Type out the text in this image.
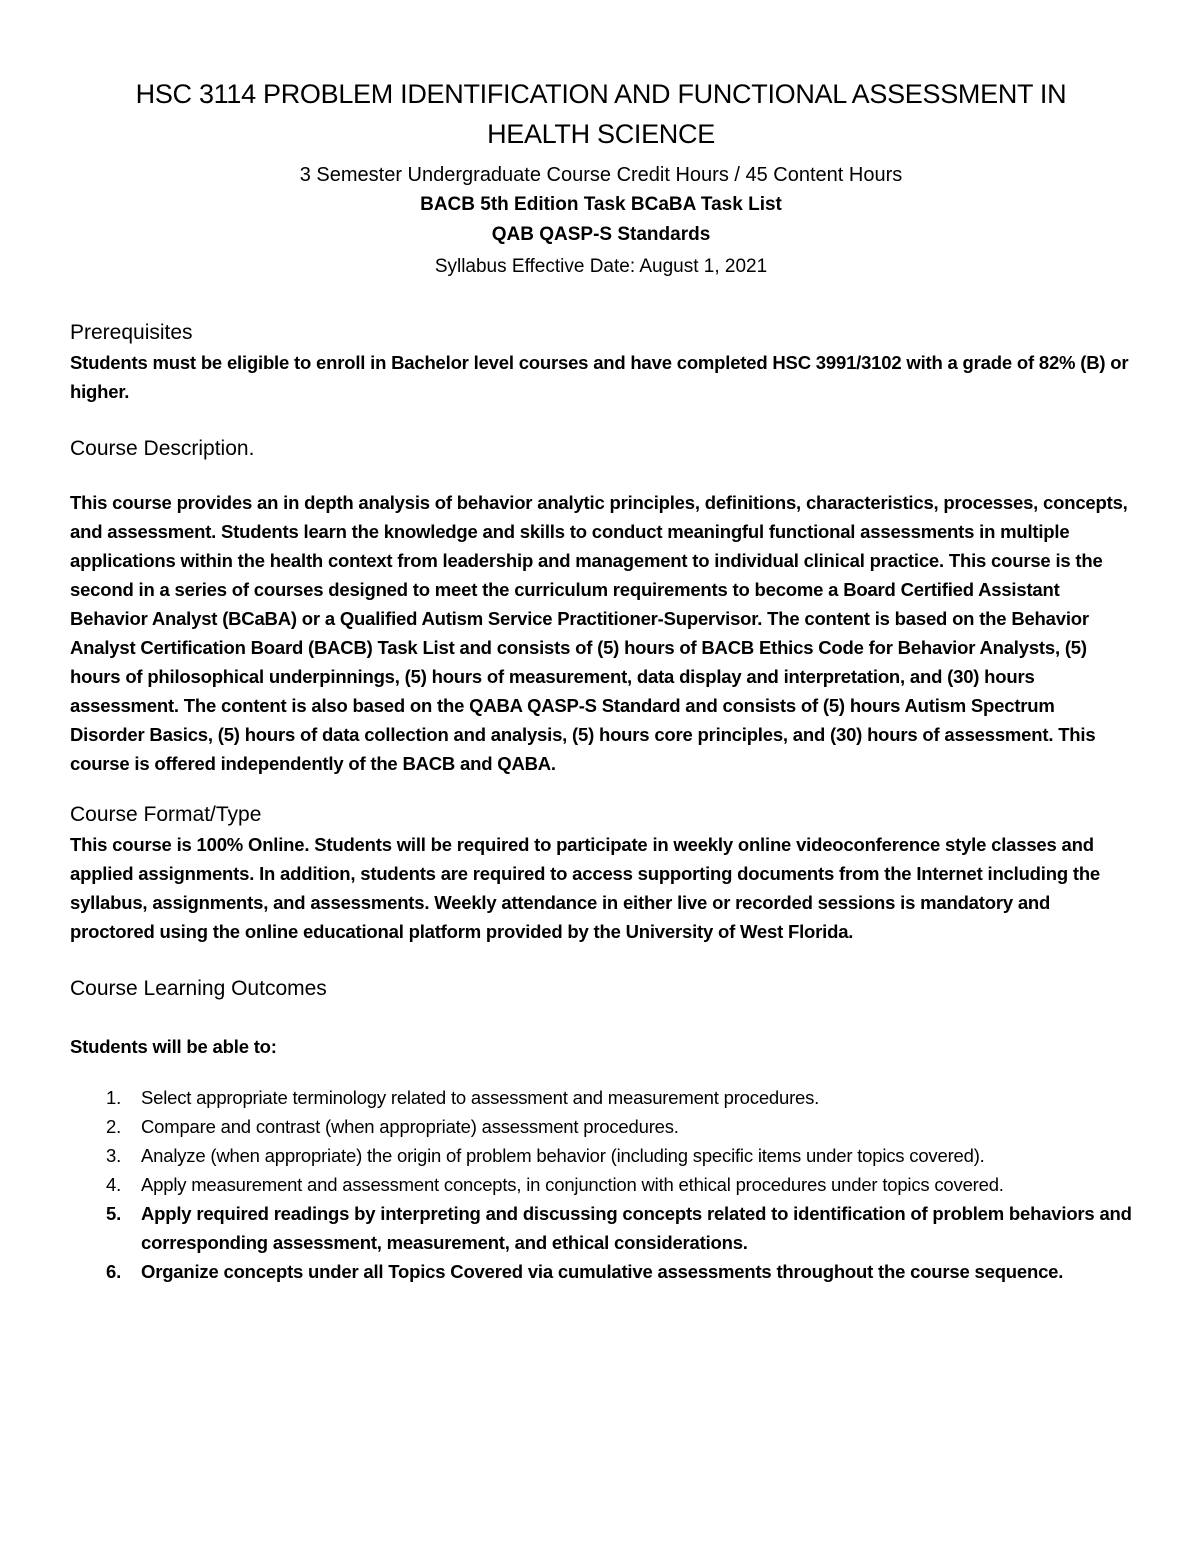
HSC 3114 PROBLEM IDENTIFICATION AND FUNCTIONAL ASSESSMENT IN
HEALTH SCIENCE

3 Semester Undergraduate Course Credit Hours / 45 Content Hours

BACB 5th Edition Task BCaBA Task List

QAB QASP-S Standards

Syllabus Effective Date: August 1, 2021

Prerequisites

Students must be eligible to enroll in Bachelor level courses and have completed HSC 3991/3102 with a grade of 82% (B) or higher.

Course Description.

This course provides an in depth analysis of behavior analytic principles, definitions, characteristics, processes, concepts, and assessment. Students learn the knowledge and skills to conduct meaningful functional assessments in multiple applications within the health context from leadership and management to individual clinical practice. This course is the second in a series of courses designed to meet the curriculum requirements to become a Board Certified Assistant Behavior Analyst (BCaBA) or a Qualified Autism Service Practitioner-Supervisor. The content is based on the Behavior Analyst Certification Board (BACB) Task List and consists of (5) hours of BACB Ethics Code for Behavior Analysts, (5) hours of philosophical underpinnings, (5) hours of measurement, data display and interpretation, and (30) hours assessment. The content is also based on the QABA QASP-S Standard and consists of (5) hours Autism Spectrum Disorder Basics, (5) hours of data collection and analysis, (5) hours core principles, and (30) hours of assessment. This course is offered independently of the BACB and QABA.

Course Format/Type

This course is 100% Online. Students will be required to participate in weekly online videoconference style classes and applied assignments. In addition, students are required to access supporting documents from the Internet including the syllabus, assignments, and assessments. Weekly attendance in either live or recorded sessions is mandatory and proctored using the online educational platform provided by the University of West Florida.

Course Learning Outcomes

Students will be able to:

1. Select appropriate terminology related to assessment and measurement procedures.
2. Compare and contrast (when appropriate) assessment procedures.
3. Analyze (when appropriate) the origin of problem behavior (including specific items under topics covered).
4. Apply measurement and assessment concepts, in conjunction with ethical procedures under topics covered.
5. Apply required readings by interpreting and discussing concepts related to identification of problem behaviors and corresponding assessment, measurement, and ethical considerations.
6. Organize concepts under all Topics Covered via cumulative assessments throughout the course sequence.
